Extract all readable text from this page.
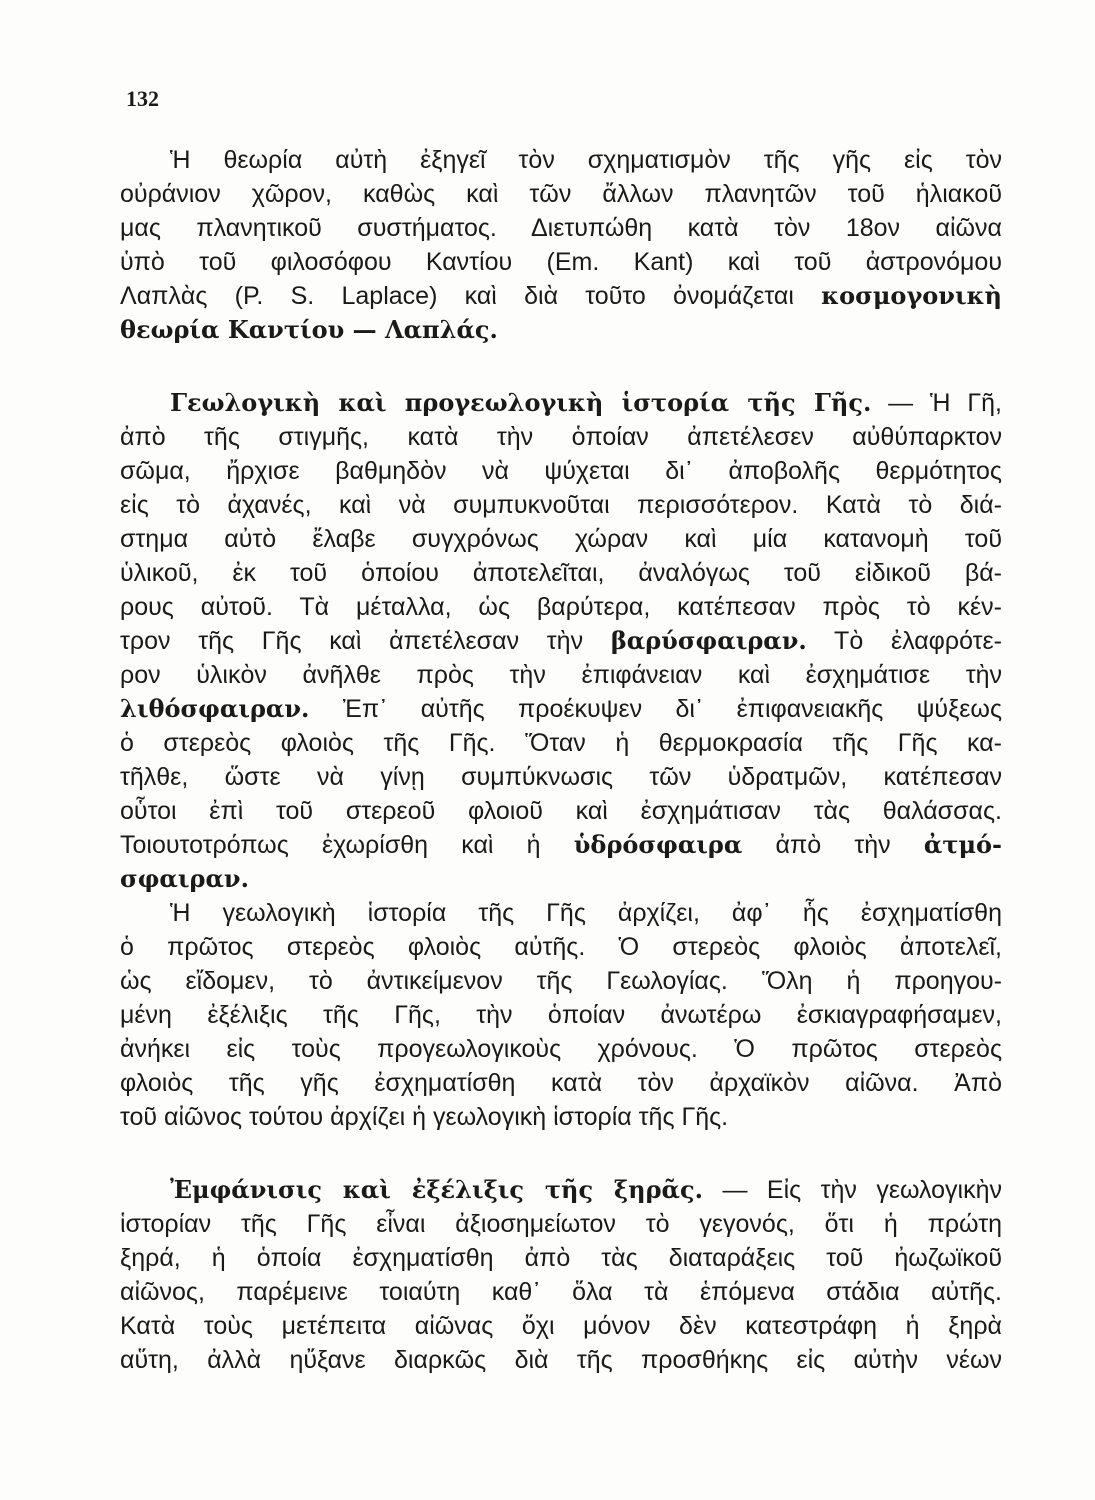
132
Ἡ θεωρία αὐτὴ ἐξηγεῖ τὸν σχηματισμὸν τῆς γῆς εἰς τὸν
οὐράνιον χῶρον, καθὼς καὶ τῶν ἄλλων πλανητῶν τοῦ ἡλιακοῦ
μας πλανητικοῦ συστήματος. Διετυπώθη κατὰ τὸν 18ον αἰῶνα
ὑπὸ τοῦ φιλοσόφου Καντίου (Em. Kant) καὶ τοῦ ἀστρονόμου
Λαπλὰς (P. S. Laplace) καὶ διὰ τοῦτο ὀνομάζεται κοσμογονικὴ
θεωρία Καντίου — Λαπλάς.
Γεωλογικὴ καὶ προγεωλογικὴ ἱστορία τῆς Γῆς. — Ἡ Γῆ,
ἀπὸ τῆς στιγμῆς, κατὰ τὴν ὁποίαν ἀπετέλεσεν αὐθύπαρκτον
σῶμα, ἤρχισε βαθμηδὸν νὰ ψύχεται δι᾽ ἀποβολῆς θερμότητος
εἰς τὸ ἀχανές, καὶ νὰ συμπυκνοῦται περισσότερον. Κατὰ τὸ διά-
στημα αὐτὸ ἔλαβε συγχρόνως χώραν καὶ μία κατανομὴ τοῦ
ὑλικοῦ, ἐκ τοῦ ὁποίου ἀποτελεῖται, ἀναλόγως τοῦ εἰδικοῦ βά-
ρους αὐτοῦ. Τὰ μέταλλα, ὡς βαρύτερα, κατέπεσαν πρὸς τὸ κέν-
τρον τῆς Γῆς καὶ ἀπετέλεσαν τὴν βαρύσφαιραν. Τὸ ἐλαφρότε-
ρον ὑλικὸν ἀνῆλθε πρὸς τὴν ἐπιφάνειαν καὶ ἐσχημάτισε τὴν
λιθόσφαιραν. Ἐπ᾽ αὐτῆς προέκυψεν δι᾽ ἐπιφανειακῆς ψύξεως
ὁ στερεὸς φλοιὸς τῆς Γῆς. Ὅταν ἡ θερμοκρασία τῆς Γῆς κα-
τῆλθε, ὥστε νὰ γίνῃ συμπύκνωσις τῶν ὑδρατμῶν, κατέπεσαν
οὗτοι ἐπὶ τοῦ στερεοῦ φλοιοῦ καὶ ἐσχημάτισαν τὰς θαλάσσας.
Τοιουτοτρόπως ἐχωρίσθη καὶ ἡ ὑδρόσφαιρα ἀπὸ τὴν ἀτμό-
σφαιραν.
Ἡ γεωλογικὴ ἱστορία τῆς Γῆς ἀρχίζει, ἀφ᾽ ἧς ἐσχηματίσθη
ὁ πρῶτος στερεὸς φλοιὸς αὐτῆς. Ὁ στερεὸς φλοιὸς ἀποτελεῖ,
ὡς εἴδομεν, τὸ ἀντικείμενον τῆς Γεωλογίας. Ὅλη ἡ προηγου-
μένη ἐξέλιξις τῆς Γῆς, τὴν ὁποίαν ἀνωτέρω ἐσκιαγραφήσαμεν,
ἀνήκει εἰς τοὺς προγεωλογικοὺς χρόνους. Ὁ πρῶτος στερεὸς
φλοιὸς τῆς γῆς ἐσχηματίσθη κατὰ τὸν ἀρχαϊκὸν αἰῶνα. Ἀπὸ
τοῦ αἰῶνος τούτου ἀρχίζει ἡ γεωλογικὴ ἱστορία τῆς Γῆς.
Ἐμφάνισις καὶ ἐξέλιξις τῆς ξηρᾶς. — Εἰς τὴν γεωλογικὴν
ἱστορίαν τῆς Γῆς εἶναι ἀξιοσημείωτον τὸ γεγονός, ὅτι ἡ πρώτη
ξηρά, ἡ ὁποία ἐσχηματίσθη ἀπὸ τὰς διαταράξεις τοῦ ἠωζωϊκοῦ
αἰῶνος, παρέμεινε τοιαύτη καθ᾽ ὅλα τὰ ἑπόμενα στάδια αὐτῆς.
Κατὰ τοὺς μετέπειτα αἰῶνας ὄχι μόνον δὲν κατεστράφη ἡ ξηρὰ
αὕτη, ἀλλὰ ηὔξανε διαρκῶς διὰ τῆς προσθήκης εἰς αὐτὴν νέων
